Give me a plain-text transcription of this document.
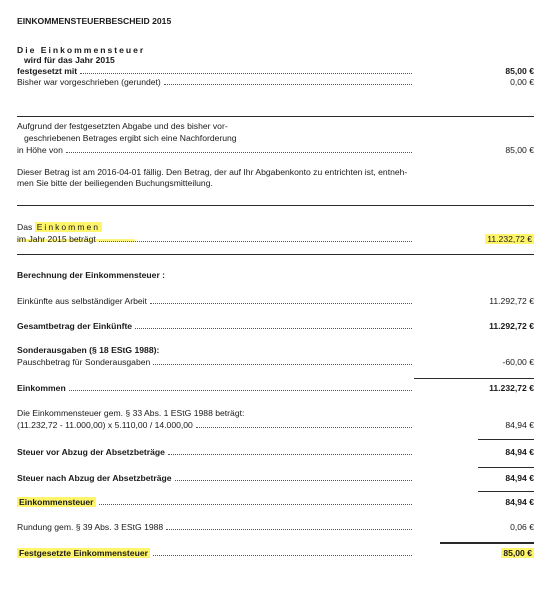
EINKOMMENSTEUERBESCHEID 2015
Die Einkommensteuer
wird für das Jahr 2015
festgesetzt mit	85,00 €
Bisher war vorgeschrieben (gerundet)	0,00 €
Aufgrund der festgesetzten Abgabe und des bisher vor-
geschriebenen Betrages ergibt sich eine Nachforderung
in Höhe von	85,00 €
Dieser Betrag ist am 2016-04-01 fällig. Den Betrag, der auf Ihr Abgabenkonto zu entrichten ist, entneh-
men Sie bitte der beiliegenden Buchungsmitteilung.
Das Einkommen
im Jahr 2015 beträgt	11.232,72 €
Berechnung der Einkommensteuer :
Einkünfte aus selbständiger Arbeit	11.292,72 €
Gesamtbetrag der Einkünfte	11.292,72 €
Sonderausgaben (§ 18 EStG 1988):
Pauschbetrag für Sonderausgaben	-60,00 €
Einkommen	11.232,72 €
Die Einkommensteuer gem. § 33 Abs. 1 EStG 1988 beträgt:
(11.232,72 - 11.000,00) x 5.110,00 / 14.000,00	84,94 €
Steuer vor Abzug der Absetzbeträge	84,94 €
Steuer nach Abzug der Absetzbeträge	84,94 €
Einkommensteuer	84,94 €
Rundung gem. § 39 Abs. 3 EStG 1988	0,06 €
Festgesetzte Einkommensteuer	85,00 €
